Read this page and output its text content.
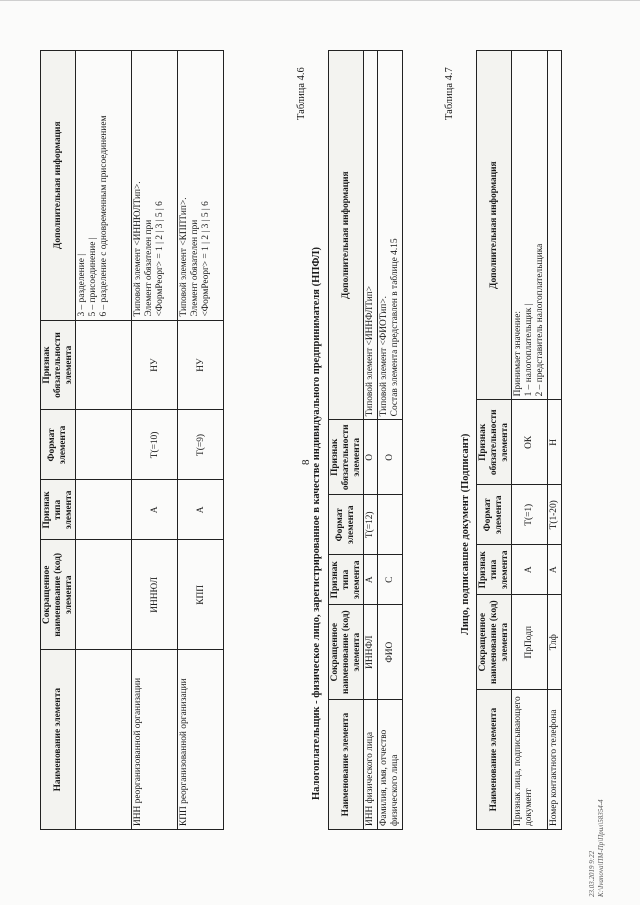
8
Наименование элемента	Сокращенное наименование (код) элемента	Признак типа элемента	Формат элемента	Признак обязательности элемента	Дополнительная информация

					3 – разделение | 5 – присоединение | 6 – разделение с одновременным присоединением

ИНН реорганизованной организации	ИННЮЛ	А	Т(=10)	НУ	Типовой элемент <ИННЮЛТип>. Элемент обязателен при <ФормРеорг> = 1 | 2 | 3 | 5 | 6

КПП реорганизованной организации	КПП	А	Т(=9)	НУ	Типовой элемент <КППТип>. Элемент обязателен при <ФормРеорг> = 1 | 2 | 3 | 5 | 6
Таблица 4.6
Налогоплательщик - физическое лицо, зарегистрированное в качестве индивидуального предпринимателя (НПФЛ) Наименование элемента	Сокращенное наименование (код) элемента	Признак типа элемента	Формат элемента	Признак обязательности элемента	Дополнительная информация
ИНН физического лица	ИННФЛ	А	Т(=12)	О	Типовой элемент <ИННФЛТип>

Фамилия, имя, отчество физического лица	ФИО	С		О	Типовой элемент <ФИОТип>. Состав элемента представлен в таблице 4.15
Таблица 4.7
Лицо, подписавшее документ (Подписант)
Наименование элемента	Сокращенное наименование (код) элемента	Признак типа элемента	Формат элемента	Признак обязательности элемента	Дополнительная информация
Признак лица, подписывающего документ	ПрПодп	А	Т(=1)	ОК	Принимает значение: 1 – налогоплательщик | 2 – представитель налогоплательщика

Номер контактного телефона	Тлф	А	Т(1-20)	Н	
23.03.2019 9:22 K:\Ivanova\ПМ-Пр\Прил\58354-4
